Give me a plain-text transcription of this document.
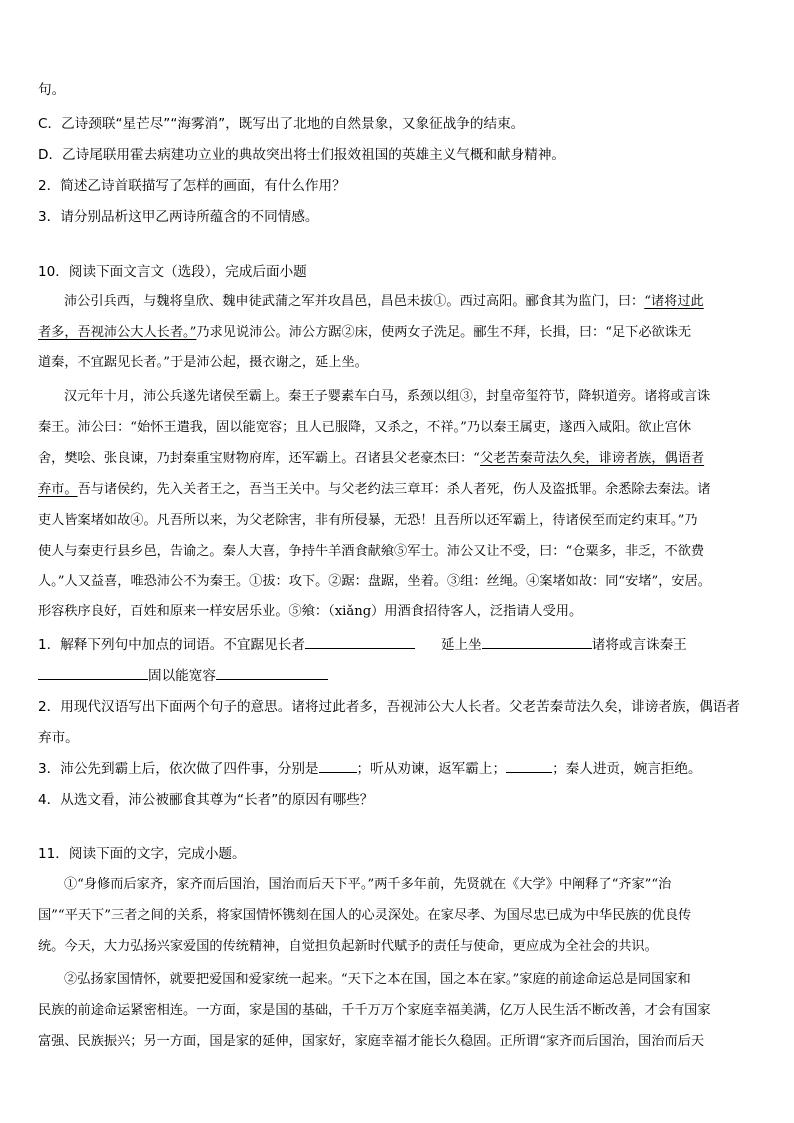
句。
C．乙诗颈联“星芒尽”“海雾消”，既写出了北地的自然景象，又象征战争的结束。
D．乙诗尾联用霍去病建功立业的典故突出将士们报效祖国的英雄主义气概和献身精神。
2．简述乙诗首联描写了怎样的画面，有什么作用？
3．请分别品析这甲乙两诗所蕴含的不同情感。
10．阅读下面文言文（选段），完成后面小题
沛公引兵西，与魏将皇欣、魏申徒武蒲之军并攻昌邑，昌邑未拔①。西过高阳。郦食其为监门，曰：“诸将过此
者多，吾视沛公大人长者。”乃求见说沛公。沛公方踞②床，使两女子洗足。郦生不拜，长揖，曰：“足下必欲诛无
道秦，不宜踞见长者。”于是沛公起，摄衣谢之，延上坐。
汉元年十月，沛公兵遂先诸侯至霸上。秦王子婴素车白马，系颈以组③，封皇帝玺符节，降轵道旁。诸将或言诛
秦王。沛公曰：“始怀王遣我，固以能宽容；且人已服降，又杀之，不祥。”乃以秦王属吏，遂西入咸阳。欲止宫休
舍，樊哙、张良谏，乃封秦重宝财物府库，还军霸上。召诸县父老豪杰曰：“父老苦秦苛法久矣，诽谤者族，偶语者
弃市。吾与诸侯约，先入关者王之，吾当王关中。与父老约法三章耳：杀人者死，伤人及盗抵罪。余悉除去秦法。诸
吏人皆案堵如故④。凡吾所以来，为父老除害，非有所侵暴，无恐！且吾所以还军霸上，待诸侯至而定约束耳。”乃
使人与秦吏行县乡邑，告谕之。秦人大喜，争持牛羊酒食献飨⑤军士。沛公又让不受，曰：“仓粟多，非乏，不欲费
人。”人又益喜，唯恐沛公不为秦王。①拔：攻下。②踞：盘踞，坐着。③组：丝绳。④案堵如故：同“安堵”，安居。
形容秩序良好，百姓和原来一样安居乐业。⑤飨：（xiǎng）用酒食招待客人，泛指请人受用。
1．解释下列句中加点的词语。不宜踞见长者	延上坐	诸将或言诛秦王
固以能宽容
2．用现代汉语写出下面两个句子的意思。诸将过此者多，吾视沛公大人长者。父老苦秦苛法久矣，诽谤者族，偶语者
弃市。
3．沛公先到霸上后，依次做了四件事，分别是	；听从劝谏，返军霸上；	；秦人进贡，婉言拒绝。
4．从选文看，沛公被郦食其尊为“长者”的原因有哪些？
11．阅读下面的文字，完成小题。
①“身修而后家齐，家齐而后国治，国治而后天下平。”两千多年前，先贤就在《大学》中阐释了“齐家”“治
国”“平天下”三者之间的关系，将家国情怀镌刻在国人的心灵深处。在家尽孝、为国尽忠已成为中华民族的优良传
统。今天，大力弘扬兴家爱国的传统精神，自觉担负起新时代赋予的责任与使命，更应成为全社会的共识。
②弘扬家国情怀，就要把爱国和爱家统一起来。“天下之本在国，国之本在家。”家庭的前途命运总是同国家和
民族的前途命运紧密相连。一方面，家是国的基础，千千万万个家庭幸福美满，亿万人民生活不断改善，才会有国家
富强、民族振兴；另一方面，国是家的延伸，国家好，家庭幸福才能长久稳固。正所谓“家齐而后国治，国治而后天
